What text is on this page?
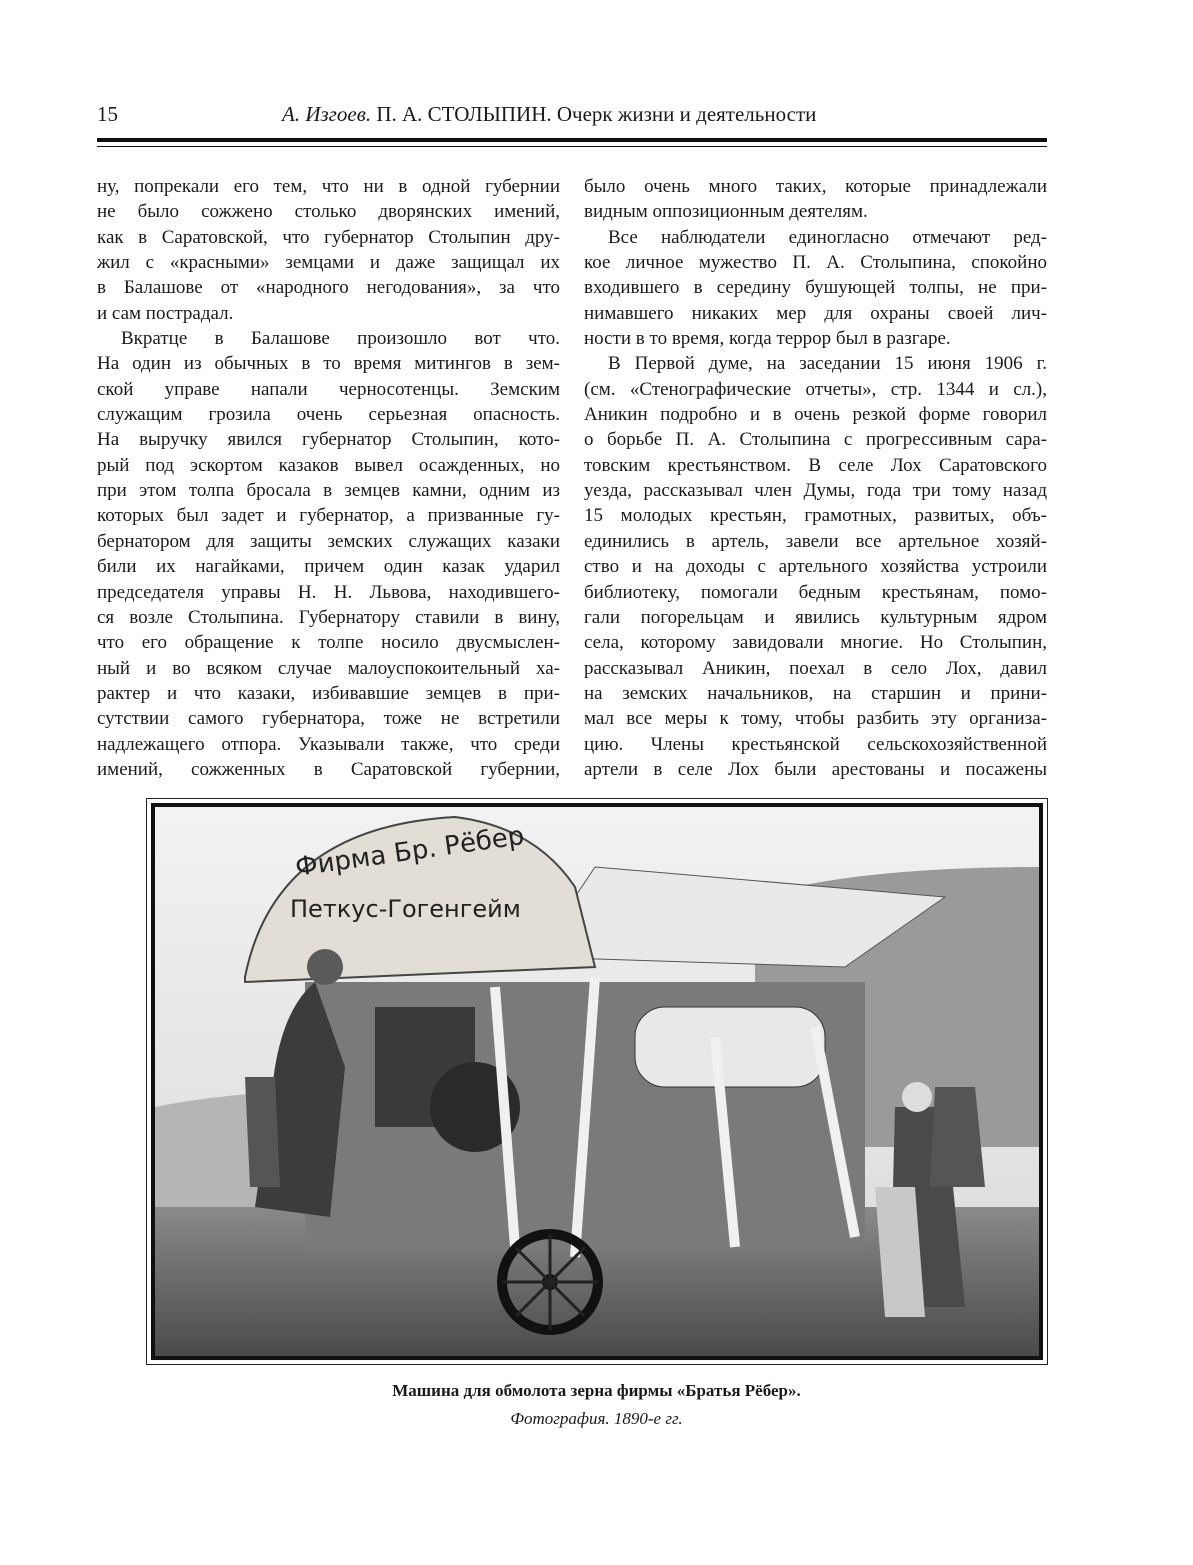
15	А. Изгоев. П. А. СТОЛЫПИН. Очерк жизни и деятельности
ну, попрекали его тем, что ни в одной губернии
не было сожжено столько дворянских имений,
как в Саратовской, что губернатор Столыпин дру-
жил с «красными» земцами и даже защищал их
в Балашове от «народного негодования», за что
и сам пострадал.
Вкратце в Балашове произошло вот что.
На один из обычных в то время митингов в зем-
ской управе напали черносотенцы. Земским
служащим грозила очень серьезная опасность.
На выручку явился губернатор Столыпин, кото-
рый под эскортом казаков вывел осажденных, но
при этом толпа бросала в земцев камни, одним из
которых был задет и губернатор, а призванные гу-
бернатором для защиты земских служащих казаки
били их нагайками, причем один казак ударил
председателя управы Н. Н. Львова, находившего-
ся возле Столыпина. Губернатору ставили в вину,
что его обращение к толпе носило двусмыслен-
ный и во всяком случае малоуспокоительный ха-
рактер и что казаки, избивавшие земцев в при-
сутствии самого губернатора, тоже не встретили
надлежащего отпора. Указывали также, что среди
имений, сожженных в Саратовской губернии,
было очень много таких, которые принадлежали
видным оппозиционным деятелям.
Все наблюдатели единогласно отмечают ред-
кое личное мужество П. А. Столыпина, спокойно
входившего в середину бушующей толпы, не при-
нимавшего никаких мер для охраны своей лич-
ности в то время, когда террор был в разгаре.
В Первой думе, на заседании 15 июня 1906 г.
(см. «Стенографические отчеты», стр. 1344 и сл.),
Аникин подробно и в очень резкой форме говорил
о борьбе П. А. Столыпина с прогрессивным сара-
товским крестьянством. В селе Лох Саратовского
уезда, рассказывал член Думы, года три тому назад
15 молодых крестьян, грамотных, развитых, объ-
единились в артель, завели все артельное хозяй-
ство и на доходы с артельного хозяйства устроили
библиотеку, помогали бедным крестьянам, помо-
гали погорельцам и явились культурным ядром
села, которому завидовали многие. Но Столыпин,
рассказывал Аникин, поехал в село Лох, давил
на земских начальников, на старшин и прини-
мал все меры к тому, чтобы разбить эту организа-
цию. Члены крестьянской сельскохозяйственной
артели в селе Лох были арестованы и посажены
Фирма Бр. Рёбер
Петкус-Гогенгейм
Машина для обмолота зерна фирмы «Братья Рёбер».
Фотография. 1890-е гг.
